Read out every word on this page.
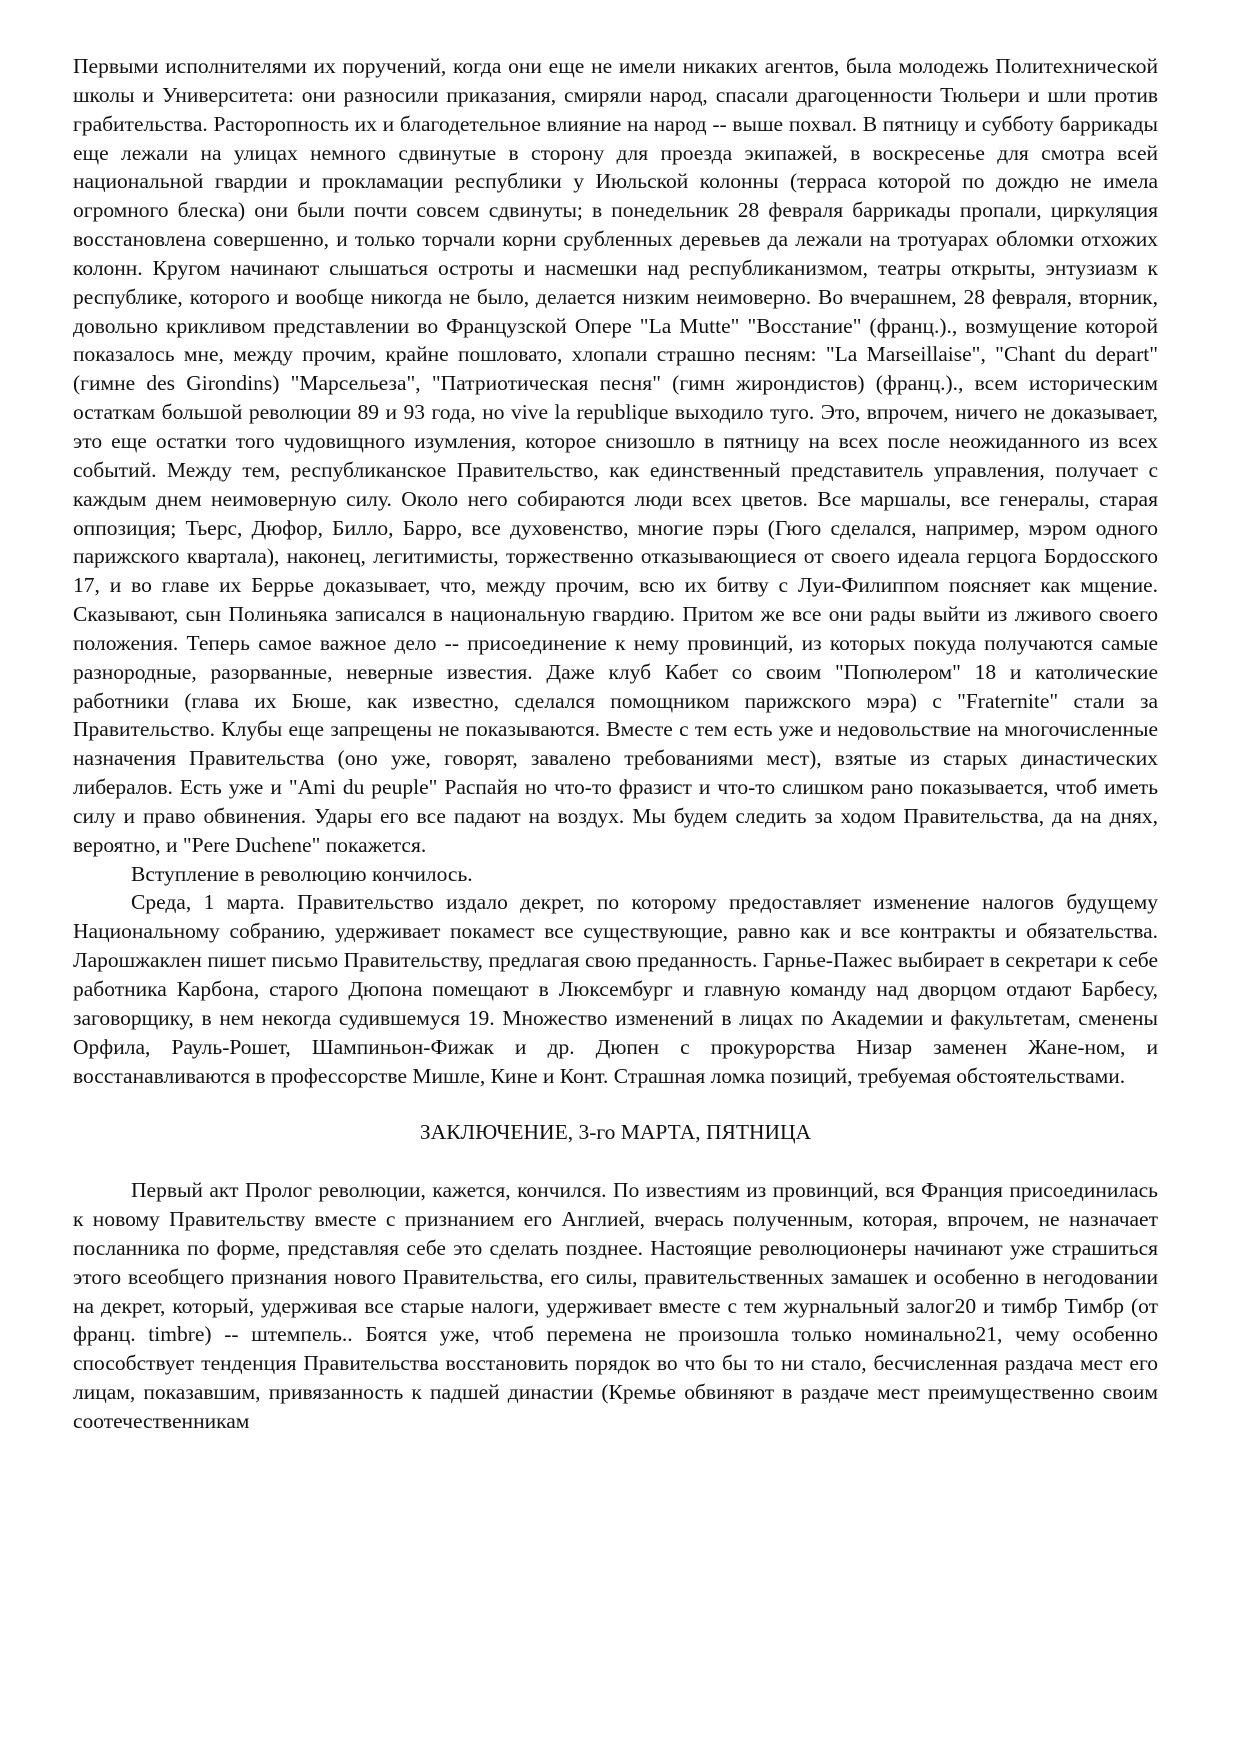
Первыми исполнителями их поручений, когда они еще не имели никаких агентов, была молодежь Политехнической школы и Университета: они разносили приказания, смиряли народ, спасали драгоценности Тюльери и шли против грабительства. Расторопность их и благодетельное влияние на народ -- выше похвал. В пятницу и субботу баррикады еще лежали на улицах немного сдвинутые в сторону для проезда экипажей, в воскресенье для смотра всей национальной гвардии и прокламации республики у Июльской колонны (терраса которой по дождю не имела огромного блеска) они были почти совсем сдвинуты; в понедельник 28 февраля баррикады пропали, циркуляция восстановлена совершенно, и только торчали корни срубленных деревьев да лежали на тротуарах обломки отхожих колонн. Кругом начинают слышаться остроты и насмешки над республиканизмом, театры открыты, энтузиазм к республике, которого и вообще никогда не было, делается низким неимоверно. Во вчерашнем, 28 февраля, вторник, довольно крикливом представлении во Французской Опере "La Mutte" "Восстание" (франц.)., возмущение которой показалось мне, между прочим, крайне пошловато, хлопали страшно песням: "La Marseillaise", "Chant du depart" (гимне des Girondins) "Марсельеза", "Патриотическая песня" (гимн жирондистов) (франц.)., всем историческим остаткам большой революции 89 и 93 года, но vive la republique выходило туго. Это, впрочем, ничего не доказывает, это еще остатки того чудовищного изумления, которое снизошло в пятницу на всех после неожиданного из всех событий. Между тем, республиканское Правительство, как единственный представитель управления, получает с каждым днем неимоверную силу. Около него собираются люди всех цветов. Все маршалы, все генералы, старая оппозиция; Тьерс, Дюфор, Билло, Барро, все духовенство, многие пэры (Гюго сделался, например, мэром одного парижского квартала), наконец, легитимисты, торжественно отказывающиеся от своего идеала герцога Бордосского 17, и во главе их Беррье доказывает, что, между прочим, всю их битву с Луи-Филиппом поясняет как мщение. Сказывают, сын Полиньяка записался в национальную гвардию. Притом же все они рады выйти из лживого своего положения. Теперь самое важное дело -- присоединение к нему провинций, из которых покуда получаются самые разнородные, разорванные, неверные известия. Даже клуб Кабет со своим "Попюлером" 18 и католические работники (глава их Бюше, как известно, сделался помощником парижского мэра) с "Fraternite" стали за Правительство. Клубы еще запрещены не показываются. Вместе с тем есть уже и недовольствие на многочисленные назначения Правительства (оно уже, говорят, завалено требованиями мест), взятые из старых династических либералов. Есть уже и "Ami du peuple" Распайя но что-то фразист и что-то слишком рано показывается, чтоб иметь силу и право обвинения. Удары его все падают на воздух. Мы будем следить за ходом Правительства, да на днях, вероятно, и "Pere Duchene" покажется.

Вступление в революцию кончилось.

Среда, 1 марта. Правительство издало декрет, по которому предоставляет изменение налогов будущему Национальному собранию, удерживает покамест все существующие, равно как и все контракты и обязательства. Ларошжаклен пишет письмо Правительству, предлагая свою преданность. Гарнье-Пажес выбирает в секретари к себе работника Карбона, старого Дюпона помещают в Люксембург и главную команду над дворцом отдают Барбесу, заговорщику, в нем некогда судившемуся 19. Множество изменений в лицах по Академии и факультетам, сменены Орфила, Рауль-Рошет, Шампиньон-Фижак и др. Дюпен с прокурорства Низар заменен Жане-ном, и восстанавливаются в профессорстве Мишле, Кине и Конт. Страшная ломка позиций, требуемая обстоятельствами.

ЗАКЛЮЧЕНИЕ, 3-го МАРТА, ПЯТНИЦА

Первый акт Пролог революции, кажется, кончился. По известиям из провинций, вся Франция присоединилась к новому Правительству вместе с признанием его Англией, вчерась полученным, которая, впрочем, не назначает посланника по форме, представляя себе это сделать позднее. Настоящие революционеры начинают уже страшиться этого всеобщего признания нового Правительства, его силы, правительственных замашек и особенно в негодовании на декрет, который, удерживая все старые налоги, удерживает вместе с тем журнальный залог20 и тимбр Тимбр (от франц. timbre) -- штемпель.. Боятся уже, чтоб перемена не произошла только номинально21, чему особенно способствует тенденция Правительства восстановить порядок во что бы то ни стало, бесчисленная раздача мест его лицам, показавшим, привязанность к падшей династии (Кремье обвиняют в раздаче мест преимущественно своим соотечественникам
